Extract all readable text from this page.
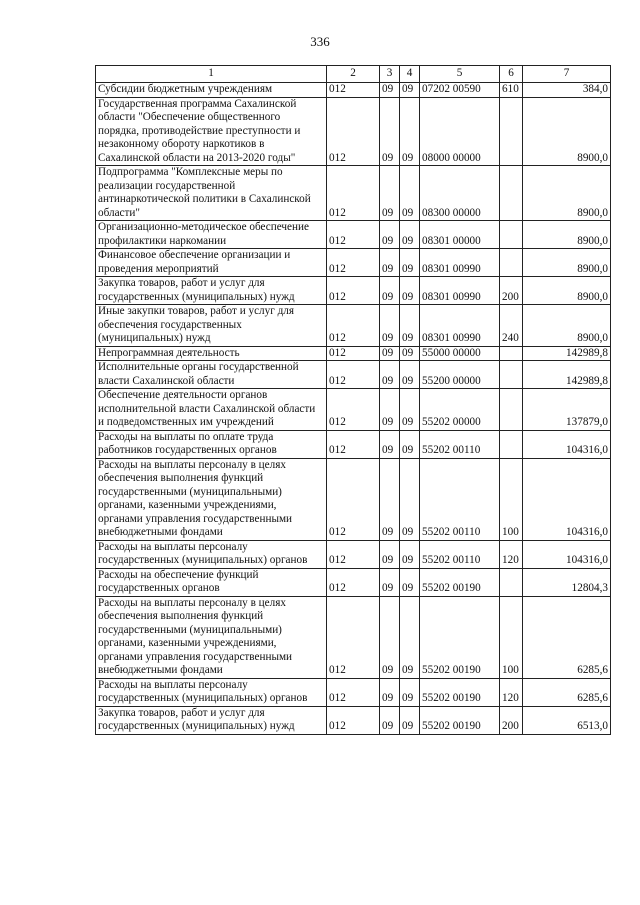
336
1	2	3	4	5	6	7
Субсидии бюджетным учреждениям	012	09	09	07202 00590	610	384,0
Государственная программа Сахалинской области "Обеспечение общественного порядка, противодействие преступности и незаконному обороту наркотиков в Сахалинской области на 2013-2020 годы"	012	09	09	08000 00000		8900,0
Подпрограмма "Комплексные меры по реализации государственной антинаркотической политики в Сахалинской области"	012	09	09	08300 00000		8900,0
Организационно-методическое обеспечение профилактики наркомании	012	09	09	08301 00000		8900,0
Финансовое обеспечение организации и проведения мероприятий	012	09	09	08301 00990		8900,0
Закупка товаров, работ и услуг для государственных (муниципальных) нужд	012	09	09	08301 00990	200	8900,0
Иные закупки товаров, работ и услуг для обеспечения государственных (муниципальных) нужд	012	09	09	08301 00990	240	8900,0
Непрограммная деятельность	012	09	09	55000 00000		142989,8
Исполнительные органы государственной власти Сахалинской области	012	09	09	55200 00000		142989,8
Обеспечение деятельности органов исполнительной власти Сахалинской области и подведомственных им учреждений	012	09	09	55202 00000		137879,0
Расходы на выплаты по оплате труда работников государственных органов	012	09	09	55202 00110		104316,0
Расходы на выплаты персоналу в целях обеспечения выполнения функций государственными (муниципальными) органами, казенными учреждениями, органами управления государственными внебюджетными фондами	012	09	09	55202 00110	100	104316,0
Расходы на выплаты персоналу государственных (муниципальных) органов	012	09	09	55202 00110	120	104316,0
Расходы на обеспечение функций государственных органов	012	09	09	55202 00190		12804,3
Расходы на выплаты персоналу в целях обеспечения выполнения функций государственными (муниципальными) органами, казенными учреждениями, органами управления государственными внебюджетными фондами	012	09	09	55202 00190	100	6285,6
Расходы на выплаты персоналу государственных (муниципальных) органов	012	09	09	55202 00190	120	6285,6
Закупка товаров, работ и услуг для государственных (муниципальных) нужд	012	09	09	55202 00190	200	6513,0
